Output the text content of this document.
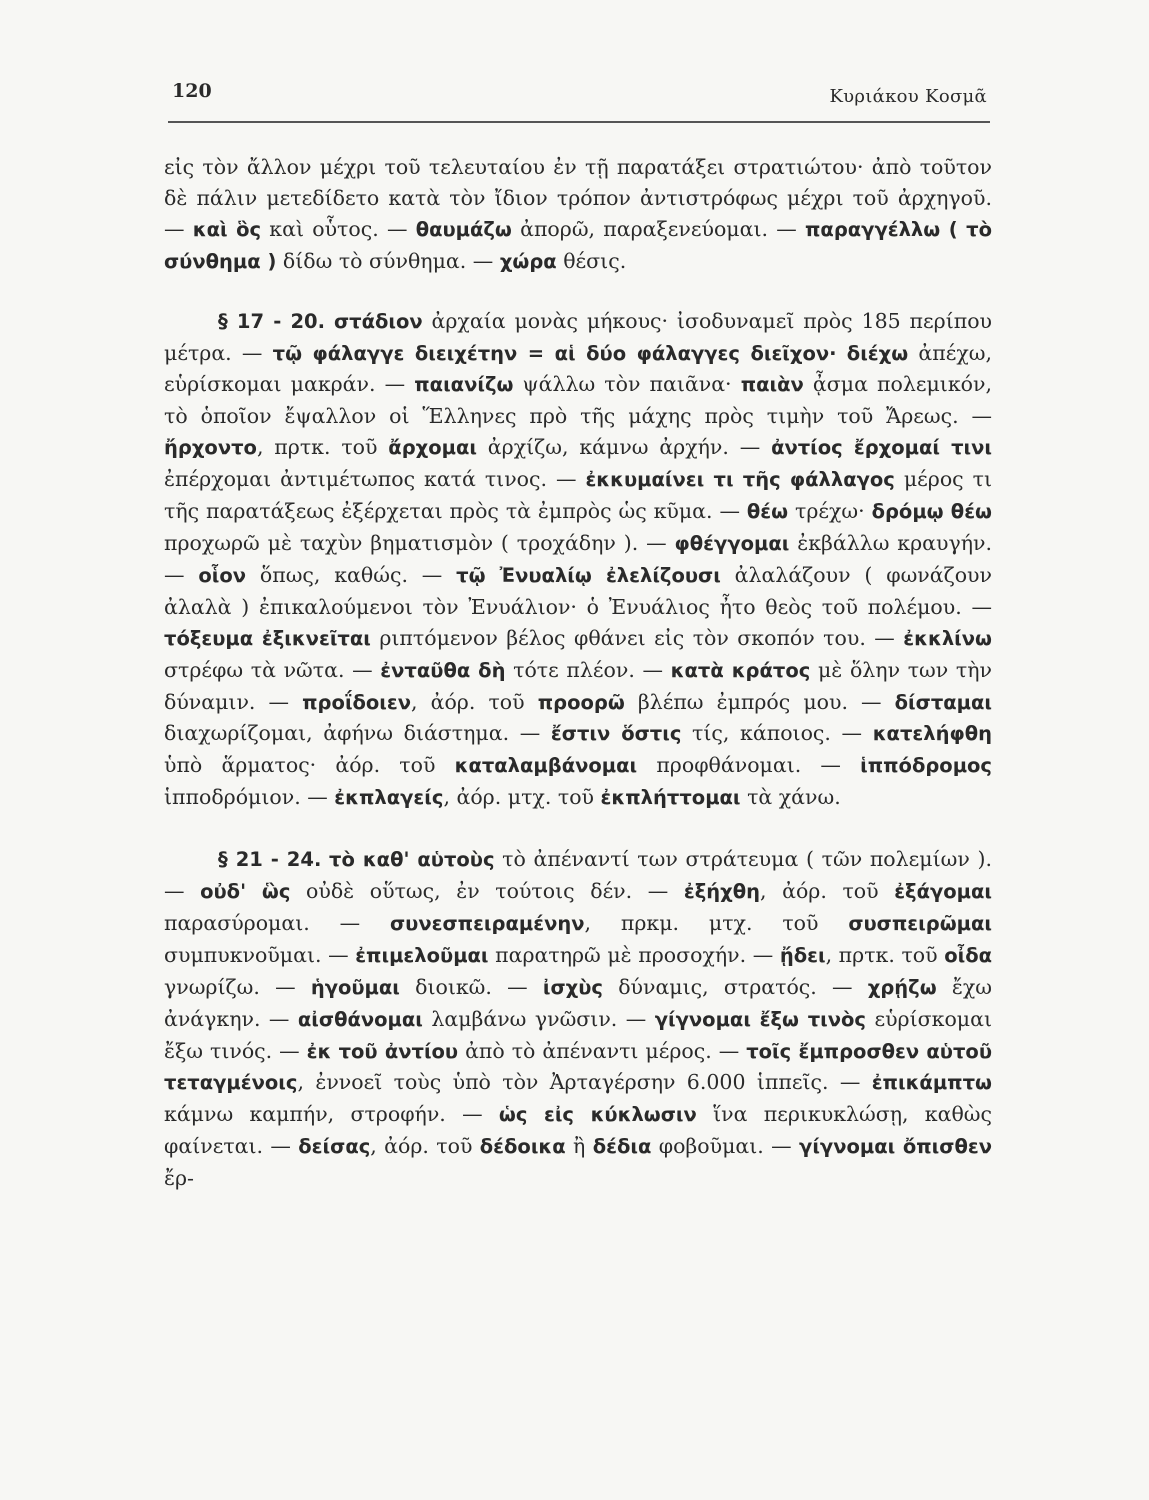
120	Κυριάκου Κοσμᾶ

εἰς τὸν ἄλλον μέχρι τοῦ τελευταίου ἐν τῇ παρατάξει στρατιώτου· ἀπὸ τοῦτον δὲ πάλιν μετεδίδετο κατὰ τὸν ἴδιον τρόπον ἀντιστρόφως μέχρι τοῦ ἀρχηγοῦ. — καὶ ὃς καὶ οὗτος. — θαυμάζω ἀπορῶ, παραξενεύομαι. — παραγγέλλω ( τὸ σύνθημα ) δίδω τὸ σύνθημα. — χώρα θέσις.

§ 17 - 20. στάδιον ἀρχαία μονὰς μήκους· ἰσοδυναμεῖ πρὸς 185 περίπου μέτρα. — τῷ φάλαγγε διειχέτην = αἱ δύο φάλαγγες διεῖχον· διέχω ἀπέχω, εὑρίσκομαι μακράν. — παιανίζω ψάλλω τὸν παιᾶνα· παιὰν ᾆσμα πολεμικόν, τὸ ὁποῖον ἔψαλλον οἱ Ἕλληνες πρὸ τῆς μάχης πρὸς τιμὴν τοῦ Ἄρεως. — ἤρχοντο, πρτκ. τοῦ ἄρχομαι ἀρχίζω, κάμνω ἀρχήν. — ἀντίος ἔρχομαί τινι ἐπέρχομαι ἀντιμέτωπος κατά τινος. — ἐκκυμαίνει τι τῆς φάλλαγος μέρος τι τῆς παρατάξεως ἐξέρχεται πρὸς τὰ ἐμπρὸς ὡς κῦμα. — θέω τρέχω· δρόμῳ θέω προχωρῶ μὲ ταχὺν βηματισμὸν ( τροχάδην ). — φθέγγομαι ἐκβάλλω κραυγήν. — οἷον ὅπως, καθώς. — τῷ Ἐνυαλίῳ ἐλελίζουσι ἀλαλάζουν ( φωνάζουν ἀλαλὰ ) ἐπικαλούμενοι τὸν Ἐνυάλιον· ὁ Ἐνυάλιος ἦτο θεὸς τοῦ πολέμου. — τόξευμα ἐξικνεῖται ριπτόμενον βέλος φθάνει εἰς τὸν σκοπόν του. — ἐκκλίνω στρέφω τὰ νῶτα. — ἐνταῦθα δὴ τότε πλέον. — κατὰ κράτος μὲ ὅλην των τὴν δύναμιν. — προΐδοιεν, ἀόρ. τοῦ προορῶ βλέπω ἐμπρός μου. — δίσταμαι διαχωρίζομαι, ἀφήνω διάστημα. — ἔστιν ὅστις τίς, κάποιος. — κατελήφθη ὑπὸ ἅρματος· ἀόρ. τοῦ καταλαμβάνομαι προφθάνομαι. — ἱππόδρομος ἱπποδρόμιον. — ἐκπλαγείς, ἀόρ. μτχ. τοῦ ἐκπλήττομαι τὰ χάνω.

§ 21 - 24. τὸ καθ' αὑτοὺς τὸ ἀπέναντί των στράτευμα ( τῶν πολεμίων ). — οὐδ' ὣς οὐδὲ οὕτως, ἐν τούτοις δέν. — ἐξήχθη, ἀόρ. τοῦ ἐξάγομαι παρασύρομαι. — συνεσπειραμένην, πρκμ. μτχ. τοῦ συσπειρῶμαι συμπυκνοῦμαι. — ἐπιμελοῦμαι παρατηρῶ μὲ προσοχήν. — ᾔδει, πρτκ. τοῦ οἶδα γνωρίζω. — ἡγοῦμαι διοικῶ. — ἰσχὺς δύναμις, στρατός. — χρῄζω ἔχω ἀνάγκην. — αἰσθάνομαι λαμβάνω γνῶσιν. — γίγνομαι ἔξω τινὸς εὑρίσκομαι ἔξω τινός. — ἐκ τοῦ ἀντίου ἀπὸ τὸ ἀπέναντι μέρος. — τοῖς ἔμπροσθεν αὑτοῦ τεταγμένοις, ἐννοεῖ τοὺς ὑπὸ τὸν Ἀρταγέρσην 6.000 ἱππεῖς. — ἐπικάμπτω κάμνω καμπήν, στροφήν. — ὡς εἰς κύκλωσιν ἵνα περικυκλώσῃ, καθὼς φαίνεται. — δείσας, ἀόρ. τοῦ δέδοικα ἢ δέδια φοβοῦμαι. — γίγνομαι ὄπισθεν ἔρ-
